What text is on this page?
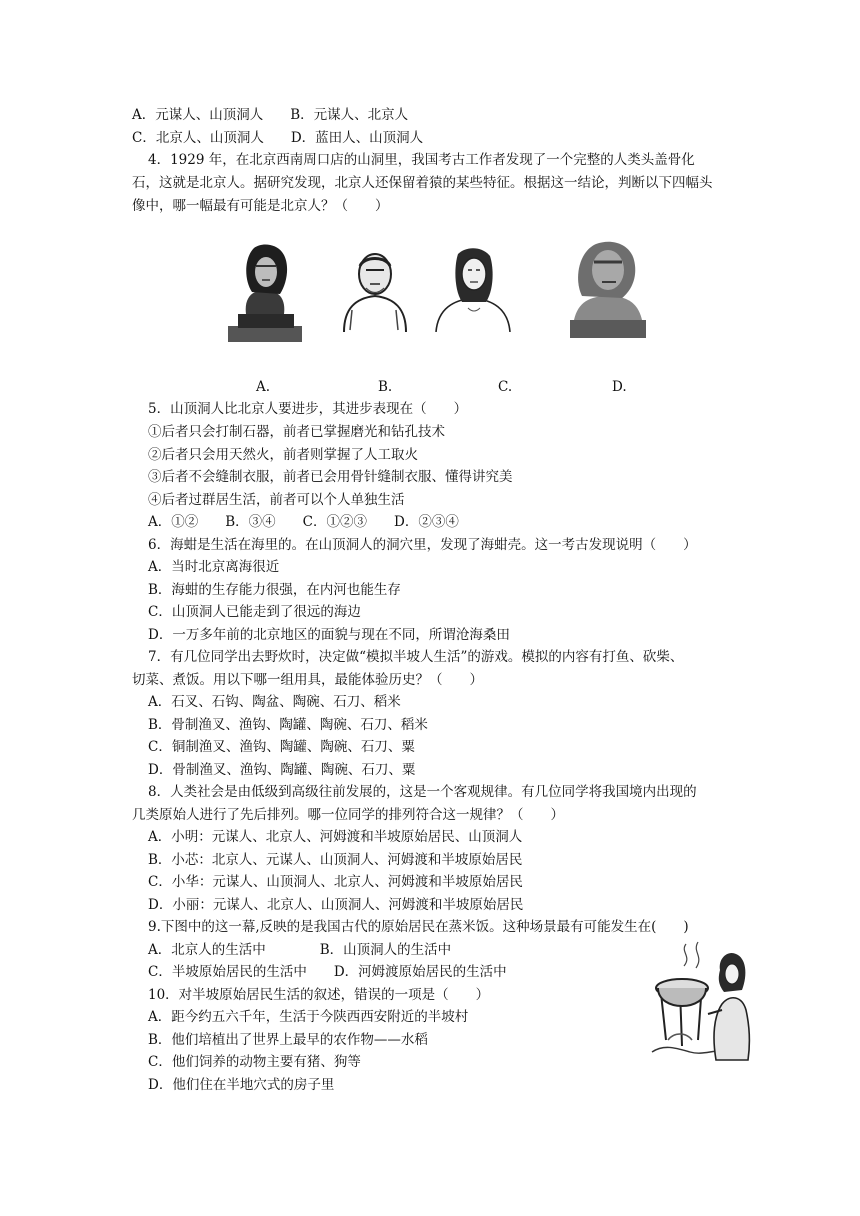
A．元谋人、山顶洞人　　B．元谋人、北京人
C．北京人、山顶洞人　　D．蓝田人、山顶洞人
4．1929 年，在北京西南周口店的山洞里，我国考古工作者发现了一个完整的人类头盖骨化
石，这就是北京人。据研究发现，北京人还保留着猿的某些特征。根据这一结论，判断以下四幅头
像中，哪一幅最有可能是北京人？（　　）
A.	B.	C.	D.
5．山顶洞人比北京人要进步，其进步表现在（　　）
①后者只会打制石器，前者已掌握磨光和钻孔技术
②后者只会用天然火，前者则掌握了人工取火
③后者不会缝制衣服，前者已会用骨针缝制衣服、懂得讲究美
④后者过群居生活，前者可以个人单独生活
A．①②　　B．③④　　C．①②③　　D．②③④
6．海蚶是生活在海里的。在山顶洞人的洞穴里，发现了海蚶壳。这一考古发现说明（　　）
A．当时北京离海很近
B．海蚶的生存能力很强，在内河也能生存
C．山顶洞人已能走到了很远的海边
D．一万多年前的北京地区的面貌与现在不同，所谓沧海桑田
7．有几位同学出去野炊时，决定做“模拟半坡人生活”的游戏。模拟的内容有打鱼、砍柴、
切菜、煮饭。用以下哪一组用具，最能体验历史？（　　）
A．石叉、石钩、陶盆、陶碗、石刀、稻米
B．骨制渔叉、渔钩、陶罐、陶碗、石刀、稻米
C．铜制渔叉、渔钩、陶罐、陶碗、石刀、粟
D．骨制渔叉、渔钩、陶罐、陶碗、石刀、粟
8．人类社会是由低级到高级往前发展的，这是一个客观规律。有几位同学将我国境内出现的
几类原始人进行了先后排列。哪一位同学的排列符合这一规律？（　　）
A．小明：元谋人、北京人、河姆渡和半坡原始居民、山顶洞人
B．小芯：北京人、元谋人、山顶洞人、河姆渡和半坡原始居民
C．小华：元谋人、山顶洞人、北京人、河姆渡和半坡原始居民
D．小丽：元谋人、北京人、山顶洞人、河姆渡和半坡原始居民
9.下图中的这一幕,反映的是我国古代的原始居民在蒸米饭。这种场景最有可能发生在(　　)
A．北京人的生活中　　　　B．山顶洞人的生活中
C．半坡原始居民的生活中　　D．河姆渡原始居民的生活中
10．对半坡原始居民生活的叙述，错误的一项是（　　）
A．距今约五六千年，生活于今陕西西安附近的半坡村
B．他们培植出了世界上最早的农作物——水稻
C．他们饲养的动物主要有猪、狗等
D．他们住在半地穴式的房子里
